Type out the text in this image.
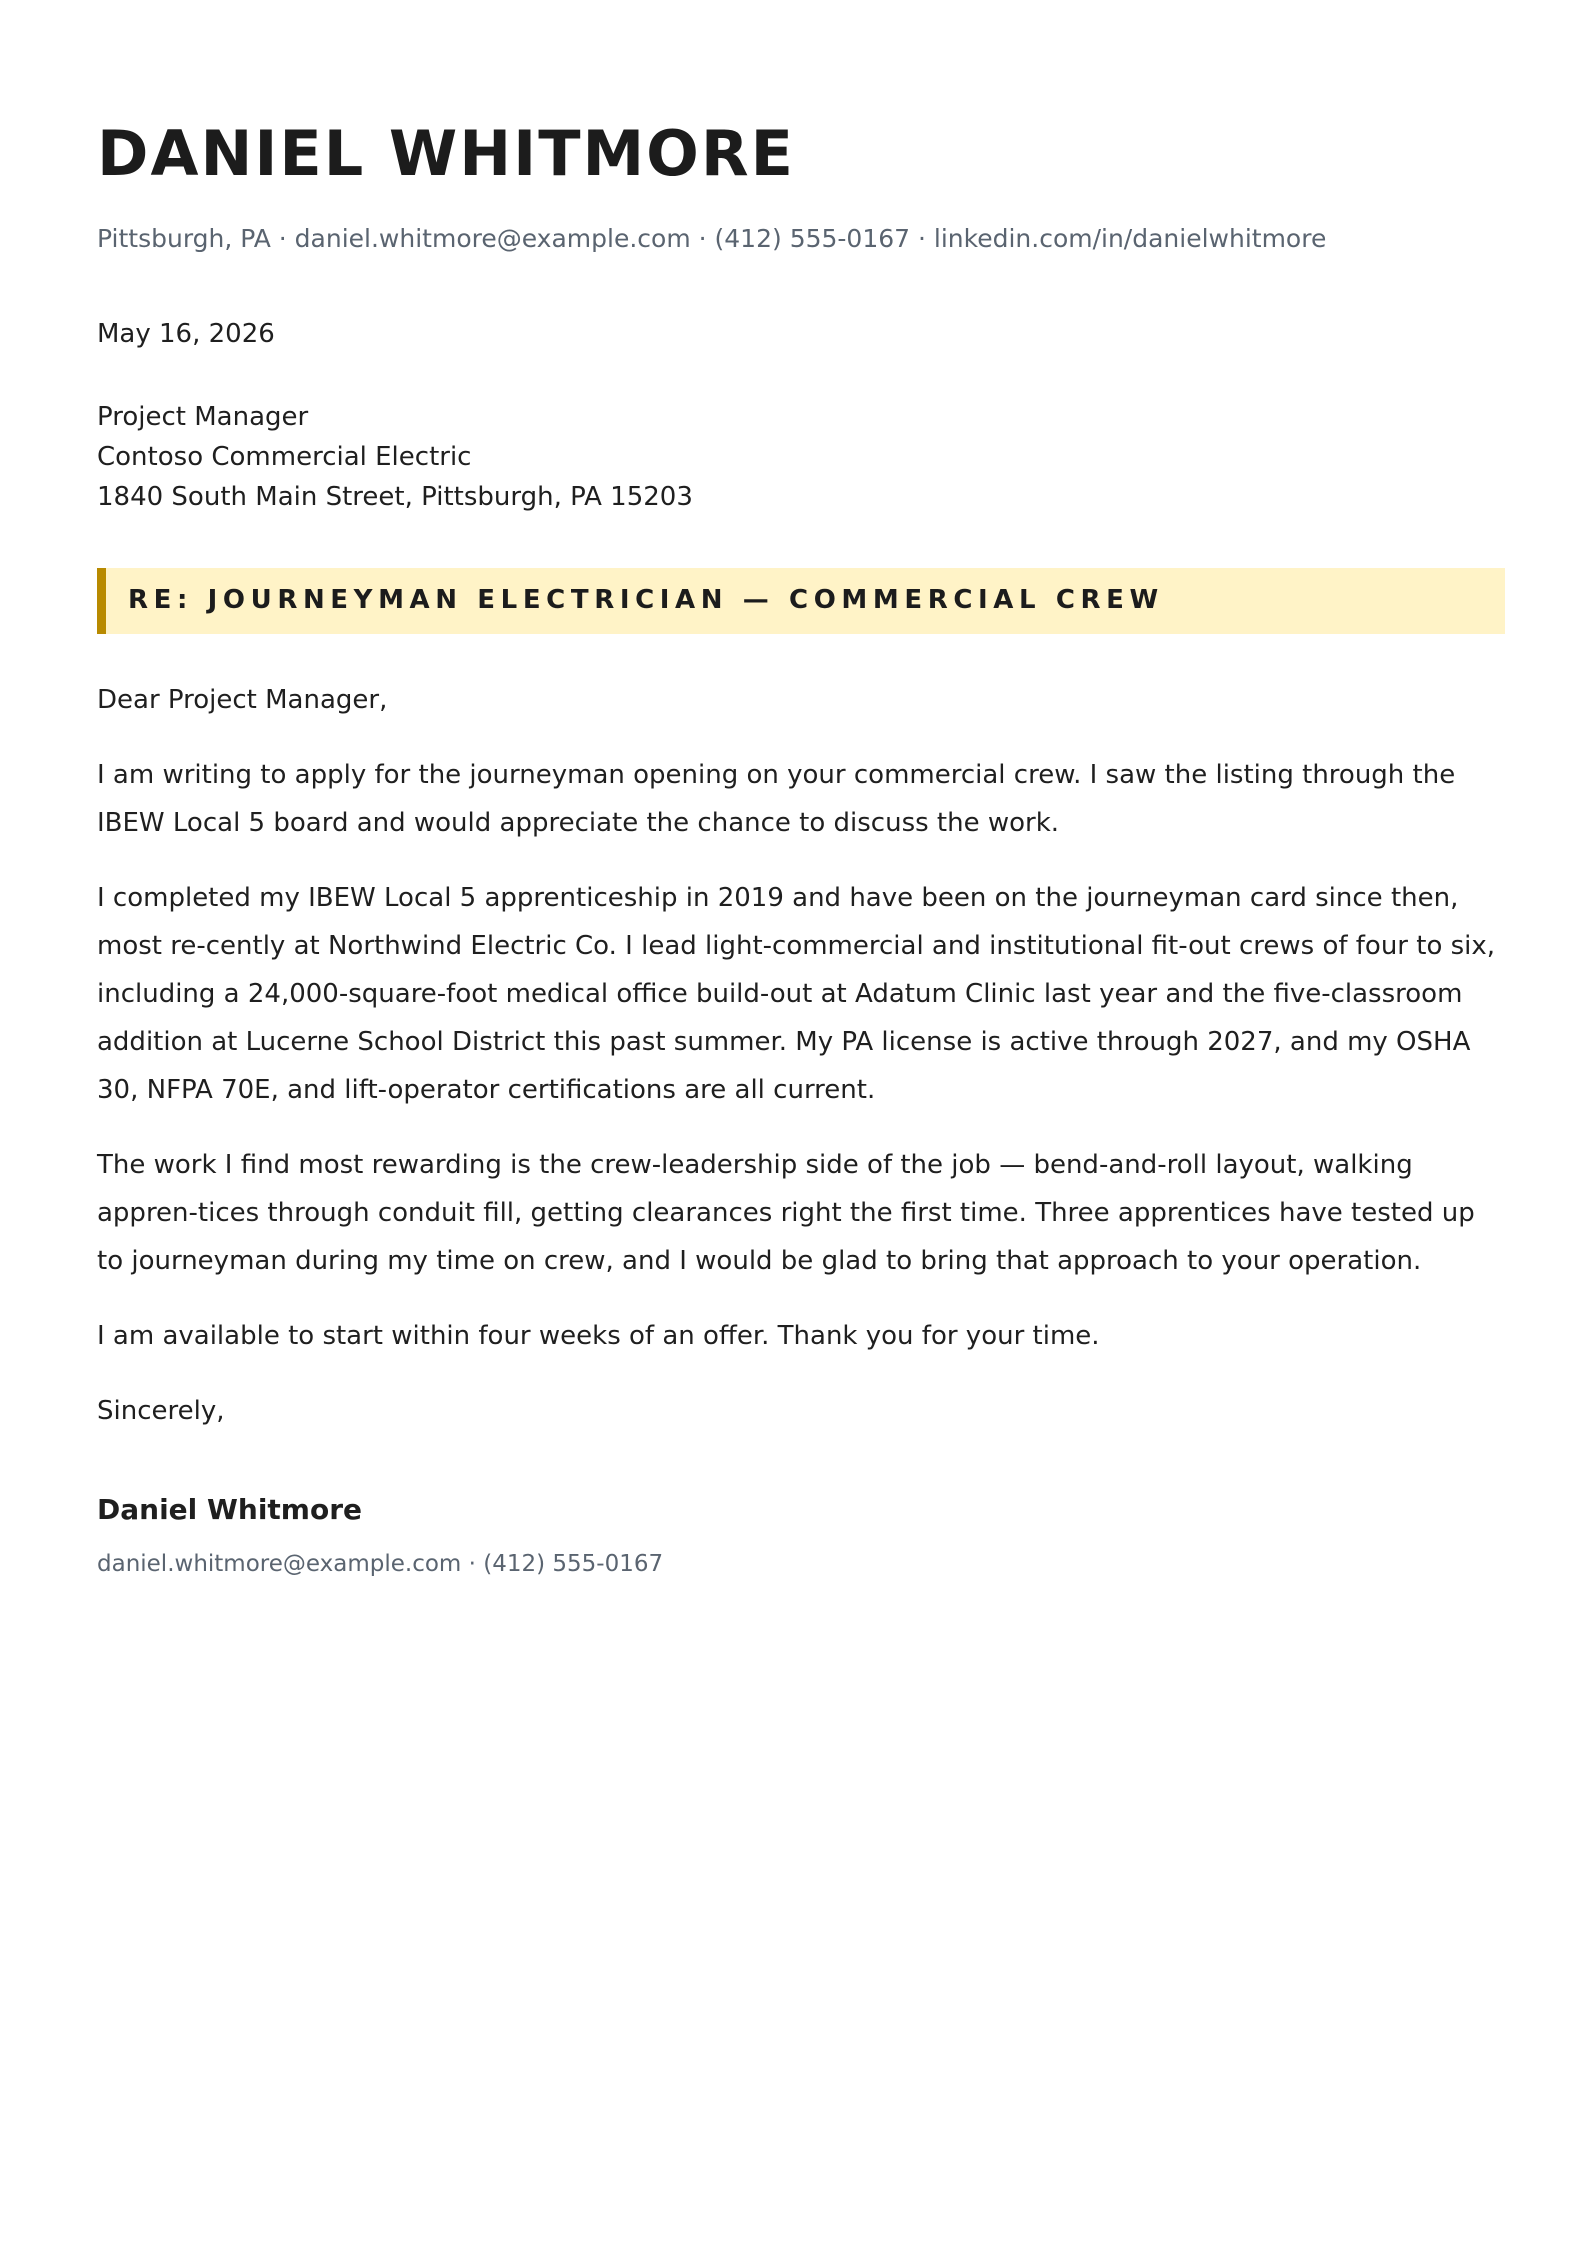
DANIEL WHITMORE
Pittsburgh, PA · daniel.whitmore@example.com · (412) 555-0167 · linkedin.com/in/danielwhitmore
May 16, 2026
Project Manager
Contoso Commercial Electric
1840 South Main Street, Pittsburgh, PA 15203
RE: JOURNEYMAN ELECTRICIAN — COMMERCIAL CREW

Dear Project Manager,

I am writing to apply for the journeyman opening on your commercial crew. I saw the listing through the IBEW Local 5 board and would appreciate the chance to discuss the work.

I completed my IBEW Local 5 apprenticeship in 2019 and have been on the journeyman card since then, most re-cently at Northwind Electric Co. I lead light-commercial and institutional fit-out crews of four to six, including a 24,000-square-foot medical office build-out at Adatum Clinic last year and the five-classroom addition at Lucerne School District this past summer. My PA license is active through 2027, and my OSHA 30, NFPA 70E, and lift-operator certifications are all current.

The work I find most rewarding is the crew-leadership side of the job — bend-and-roll layout, walking appren-tices through conduit fill, getting clearances right the first time. Three apprentices have tested up to journeyman during my time on crew, and I would be glad to bring that approach to your operation.

I am available to start within four weeks of an offer. Thank you for your time.

Sincerely,

Daniel Whitmore
daniel.whitmore@example.com · (412) 555-0167
